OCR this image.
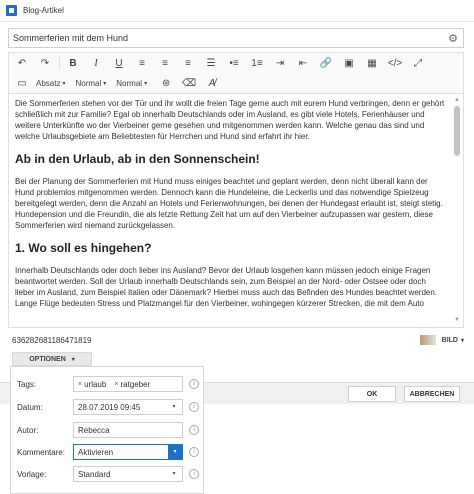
Blog-Artikel
Sommerferien mit dem Hund
⚙
↶	↷	B	I	U	≡	≡	≡	☰	•≡	1≡	⇥	⇤	🔗	▣	▦	</>	⤢
▭	Absatz ▾ Normal ▾ Normal ▾	⊛	⌫	A̸

Die Sommerferien stehen vor der Tür und ihr wollt die freien Tage gerne auch mit eurem Hund verbringen, denn er gehört schließlich mit zur Familie? Egal ob innerhalb Deutschlands oder im Ausland, es gibt viele Hotels, Ferienhäuser und weitere Unterkünfte wo der Vierbeiner gerne gesehen und mitgenommen werden kann. Welche genau das sind und welche Urlaubsgebiete am Beliebtesten für Herrchen und Hund sind erfahrt ihr hier.

Ab in den Urlaub, ab in den Sonnenschein!

Bei der Planung der Sommerferien mit Hund muss einiges beachtet und geplant werden, denn nicht überall kann der Hund problemlos mitgenommen werden. Dennoch kann die Hundeleine, die Leckerlis und das notwendige Spielzeug bereitgelegt werden, denn die Anzahl an Hotels und Ferienwohnungen, bei denen der Hundegast erlaubt ist, steigt stetig. Hundepension und die Freundin, die als letzte Rettung Zeit hat um auf den Vierbeiner aufzupassen war gestern, diese Sommerferien wird niemand zurückgelassen.

1. Wo soll es hingehen?

Innerhalb Deutschlands oder doch lieber ins Ausland? Bevor der Urlaub losgehen kann müssen jedoch einige Fragen beantwortet werden. Soll der Urlaub innerhalb Deutschlands sein, zum Beispiel an der Nord- oder Ostsee oder doch lieber im Ausland, zum Beispiel Italien oder Dänemark? Hierbei muss auch das Befinden des Hundes beachtet werden. Lange Flüge bedeuten Stress und Platzmangel für den Vierbeiner, wohingegen kürzerer Strecken, die mit dem Auto

▲
▼
636282681186471819	BILD ▾
OK	ABBRECHEN
OPTIONEN ▾
Tags:	× urlaub × ratgeber	i
Datum:	28.07.2019 09:45	▾	i
Autor:	Rebecca	i
Kommentare:	Aktivieren	▾	i
Vorlage:	Standard	▾	i
